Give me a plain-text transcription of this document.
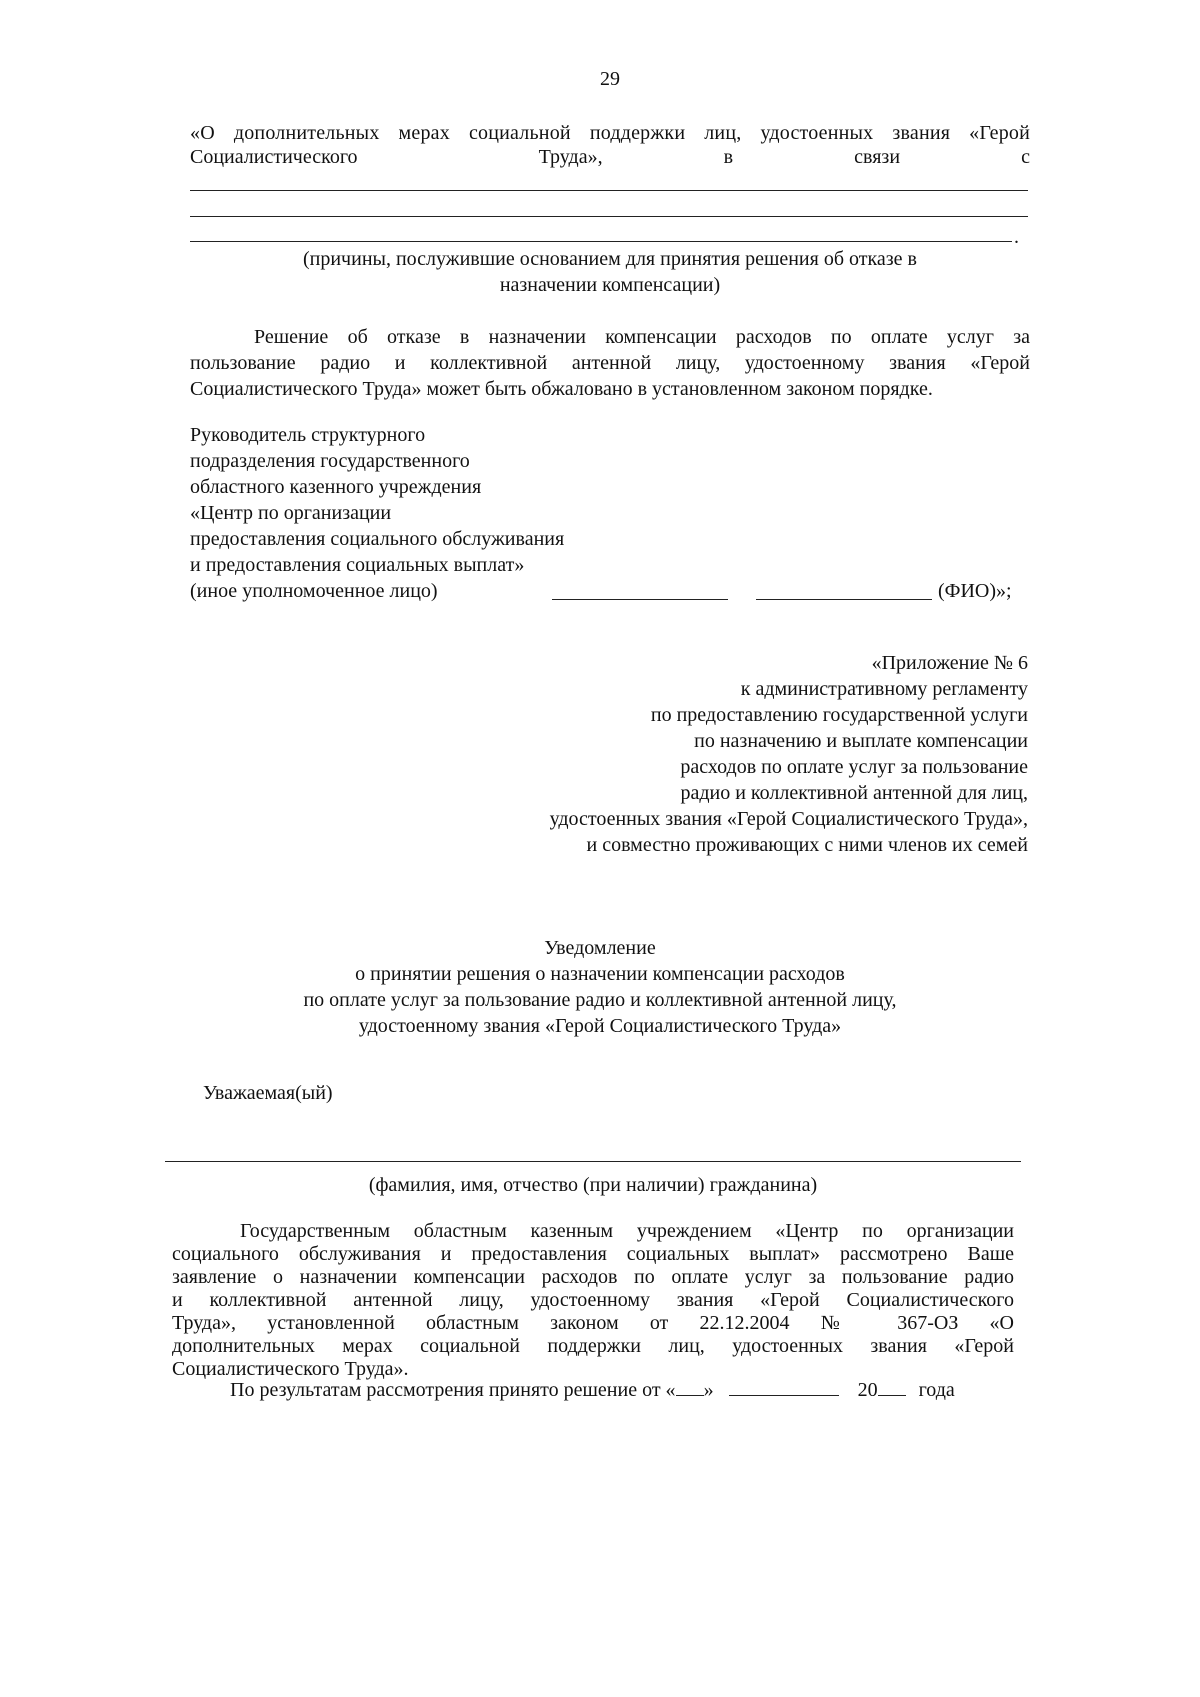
29
«О дополнительных мерах социальной поддержки лиц, удостоенных звания «Герой
Социалистического	Труда»,	в	связи	с
.
(причины, послужившие основанием для принятия решения об отказе в
назначении компенсации)
Решение об отказе в назначении компенсации расходов по оплате услуг за
пользование радио и коллективной антенной лицу, удостоенному звания «Герой
Социалистического Труда» может быть обжаловано в установленном законом порядке.
Руководитель структурного
подразделения государственного
областного казенного учреждения
«Центр по организации
предоставления социального обслуживания
и предоставления социальных выплат»
(иное уполномоченное лицо)	(ФИО)»;
«Приложение № 6
к административному регламенту
по предоставлению государственной услуги
по назначению и выплате компенсации
расходов по оплате услуг за пользование
радио и коллективной антенной для лиц,
удостоенных звания «Герой Социалистического Труда»,
и совместно проживающих с ними членов их семей
Уведомление
о принятии решения о назначении компенсации расходов
по оплате услуг за пользование радио и коллективной антенной лицу,
удостоенному звания «Герой Социалистического Труда»
Уважаемая(ый)
(фамилия, имя, отчество (при наличии) гражданина)
Государственным областным казенным учреждением «Центр по организации
социального обслуживания и предоставления социальных выплат» рассмотрено Ваше
заявление о назначении компенсации расходов по оплате услуг за пользование радио
и коллективной антенной лицу, удостоенному звания «Герой Социалистического
Труда», установленной областным законом от 22.12.2004 № 367-ОЗ «О
дополнительных мерах социальной поддержки лиц, удостоенных звания «Герой
Социалистического Труда».
По результатам рассмотрения принято решение от « »	20 года
